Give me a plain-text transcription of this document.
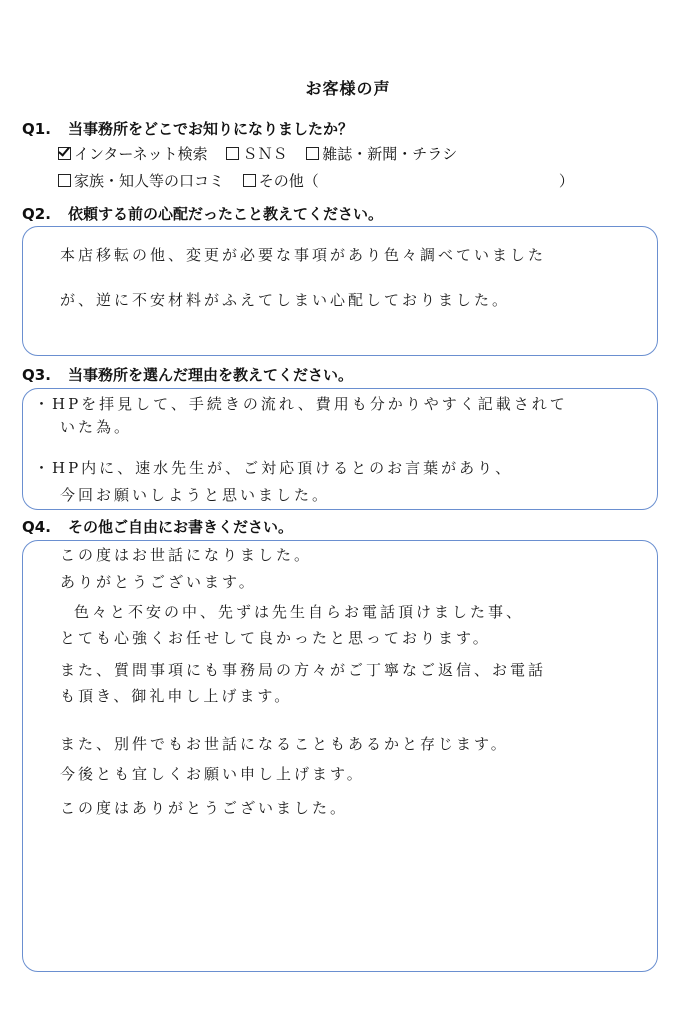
お客様の声
Q1. 当事務所をどこでお知りになりましたか？
インターネット検索 ＳＮＳ 雑誌・新聞・チラシ
家族・知人等の口コミ その他（	）
Q2. 依頼する前の心配だったこと教えてください。
本店移転の他、変更が必要な事項があり色々調べていました
が、逆に不安材料がふえてしまい心配しておりました。
Q3. 当事務所を選んだ理由を教えてください。
・HPを拝見して、手続きの流れ、費用も分かりやすく記載されて
いた為。
・HP内に、速水先生が、ご対応頂けるとのお言葉があり、
今回お願いしようと思いました。
Q4. その他ご自由にお書きください。
この度はお世話になりました。
ありがとうございます。
色々と不安の中、先ずは先生自らお電話頂けました事、
とても心強くお任せして良かったと思っております。
また、質問事項にも事務局の方々がご丁寧なご返信、お電話
も頂き、御礼申し上げます。
また、別件でもお世話になることもあるかと存じます。
今後とも宜しくお願い申し上げます。
この度はありがとうございました。
